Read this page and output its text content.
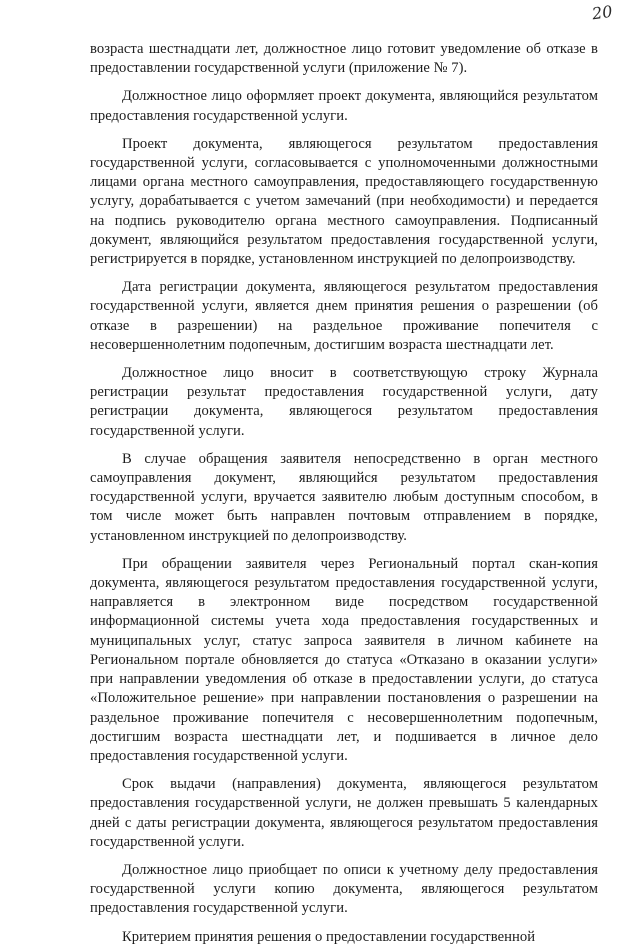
20

возраста шестнадцати лет, должностное лицо готовит уведомление об отказе в предоставлении государственной услуги (приложение № 7).

Должностное лицо оформляет проект документа, являющийся результатом предоставления государственной услуги.

Проект документа, являющегося результатом предоставления государственной услуги, согласовывается с уполномоченными должностными лицами органа местного самоуправления, предоставляющего государственную услугу, дорабатывается с учетом замечаний (при необходимости) и передается на подпись руководителю органа местного самоуправления. Подписанный документ, являющийся результатом предоставления государственной услуги, регистрируется в порядке, установленном инструкцией по делопроизводству.

Дата регистрации документа, являющегося результатом предоставления государственной услуги, является днем принятия решения о разрешении (об отказе в разрешении) на раздельное проживание попечителя с несовершеннолетним подопечным, достигшим возраста шестнадцати лет.

Должностное лицо вносит в соответствующую строку Журнала регистрации результат предоставления государственной услуги, дату регистрации документа, являющегося результатом предоставления государственной услуги.

В случае обращения заявителя непосредственно в орган местного самоуправления документ, являющийся результатом предоставления государственной услуги, вручается заявителю любым доступным способом, в том числе может быть направлен почтовым отправлением в порядке, установленном инструкцией по делопроизводству.

При обращении заявителя через Региональный портал скан-копия документа, являющегося результатом предоставления государственной услуги, направляется в электронном виде посредством государственной информационной системы учета хода предоставления государственных и муниципальных услуг, статус запроса заявителя в личном кабинете на Региональном портале обновляется до статуса «Отказано в оказании услуги» при направлении уведомления об отказе в предоставлении услуги, до статуса «Положительное решение» при направлении постановления о разрешении на раздельное проживание попечителя с несовершеннолетним подопечным, достигшим возраста шестнадцати лет, и подшивается в личное дело предоставления государственной услуги.

Срок выдачи (направления) документа, являющегося результатом предоставления государственной услуги, не должен превышать 5 календарных дней с даты регистрации документа, являющегося результатом предоставления государственной услуги.

Должностное лицо приобщает по описи к учетному делу предоставления государственной услуги копию документа, являющегося результатом предоставления государственной услуги.

Критерием принятия решения о предоставлении государственной
